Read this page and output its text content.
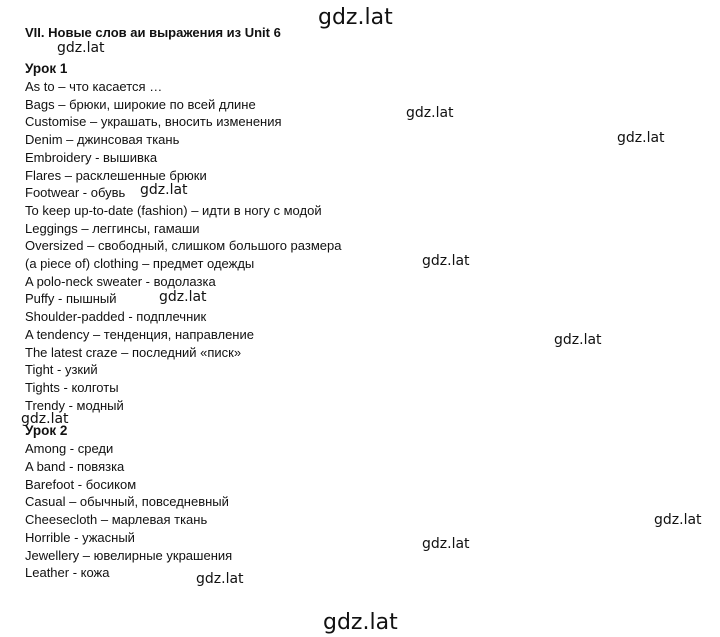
VII. Новые слов аи выражения из Unit 6
Урок 1
As to – что касается …
Bags – брюки, широкие по всей длине
Customise – украшать, вносить изменения
Denim – джинсовая ткань
Embroidery - вышивка
Flares – расклешенные брюки
Footwear - обувь
To keep up-to-date (fashion) – идти в ногу с модой
Leggings – леггинсы, гамаши
Oversized – свободный, слишком большого размера
(a piece of) clothing – предмет одежды
A polo-neck sweater - водолазка
Puffy - пышный
Shoulder-padded - подплечник
A tendency – тенденция, направление
The latest craze – последний «писк»
Tight - узкий
Tights - колготы
Trendy - модный
Урок 2
Among - среди
A band - повязка
Barefoot - босиком
Casual – обычный, повседневный
Cheesecloth – марлевая ткань
Horrible - ужасный
Jewellery – ювелирные украшения
Leather - кожа
gdz.lat
gdz.lat
gdz.lat
gdz.lat
gdz.lat
gdz.lat
gdz.lat
gdz.lat
gdz.lat
gdz.lat
gdz.lat
gdz.lat
gdz.lat
